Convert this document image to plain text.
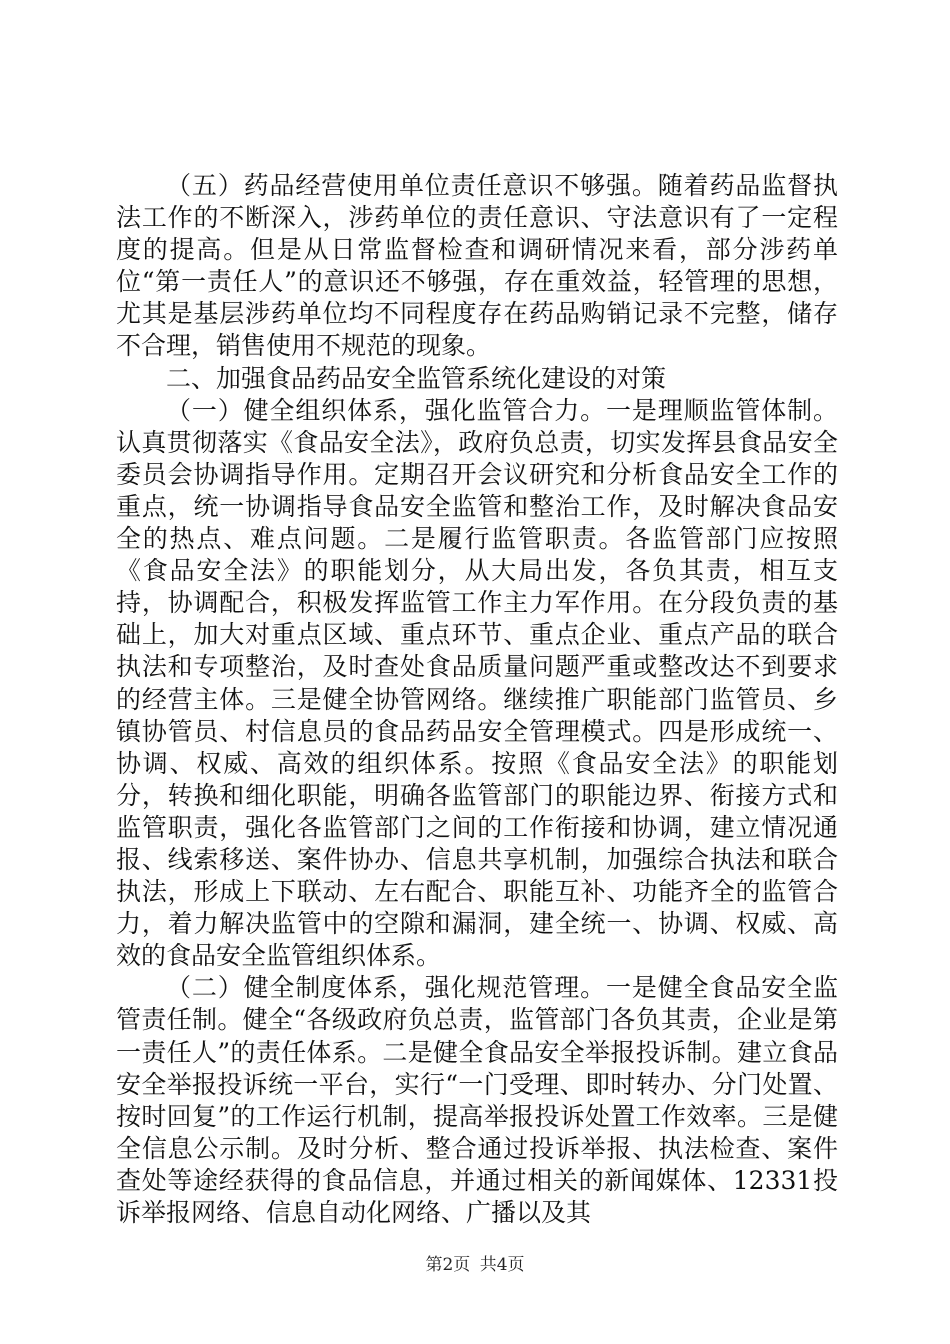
（五）药品经营使用单位责任意识不够强。随着药品监督执法工作的不断深入，涉药单位的责任意识、守法意识有了一定程度的提高。但是从日常监督检查和调研情况来看，部分涉药单位“第一责任人”的意识还不够强，存在重效益，轻管理的思想，尤其是基层涉药单位均不同程度存在药品购销记录不完整，储存不合理，销售使用不规范的现象。

二、加强食品药品安全监管系统化建设的对策

（一）健全组织体系，强化监管合力。一是理顺监管体制。认真贯彻落实《食品安全法》，政府负总责，切实发挥县食品安全委员会协调指导作用。定期召开会议研究和分析食品安全工作的重点，统一协调指导食品安全监管和整治工作，及时解决食品安全的热点、难点问题。二是履行监管职责。各监管部门应按照《食品安全法》的职能划分，从大局出发，各负其责，相互支持，协调配合，积极发挥监管工作主力军作用。在分段负责的基础上，加大对重点区域、重点环节、重点企业、重点产品的联合执法和专项整治，及时查处食品质量问题严重或整改达不到要求的经营主体。三是健全协管网络。继续推广职能部门监管员、乡镇协管员、村信息员的食品药品安全管理模式。四是形成统一、协调、权威、高效的组织体系。按照《食品安全法》的职能划分，转换和细化职能，明确各监管部门的职能边界、衔接方式和监管职责，强化各监管部门之间的工作衔接和协调，建立情况通报、线索移送、案件协办、信息共享机制，加强综合执法和联合执法，形成上下联动、左右配合、职能互补、功能齐全的监管合力，着力解决监管中的空隙和漏洞，建全统一、协调、权威、高效的食品安全监管组织体系。

（二）健全制度体系，强化规范管理。一是健全食品安全监管责任制。健全“各级政府负总责，监管部门各负其责，企业是第一责任人”的责任体系。二是健全食品安全举报投诉制。建立食品安全举报投诉统一平台，实行“一门受理、即时转办、分门处置、按时回复”的工作运行机制，提高举报投诉处置工作效率。三是健全信息公示制。及时分析、整合通过投诉举报、执法检查、案件查处等途经获得的食品信息，并通过相关的新闻媒体、12331投诉举报网络、信息自动化网络、广播以及其

第2页 共4页
